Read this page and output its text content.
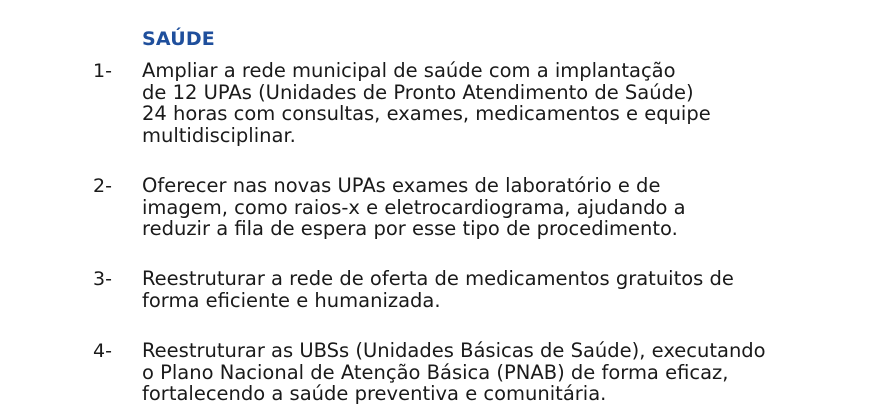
SAÚDE
1- Ampliar a rede municipal de saúde com a implantação
de 12 UPAs (Unidades de Pronto Atendimento de Saúde)
24 horas com consultas, exames, medicamentos e equipe
multidisciplinar.
2- Oferecer nas novas UPAs exames de laboratório e de
imagem, como raios-x e eletrocardiograma, ajudando a
reduzir a fila de espera por esse tipo de procedimento.
3- Reestruturar a rede de oferta de medicamentos gratuitos de
forma eficiente e humanizada.
4- Reestruturar as UBSs (Unidades Básicas de Saúde), executando
o Plano Nacional de Atenção Básica (PNAB) de forma eficaz,
fortalecendo a saúde preventiva e comunitária.
